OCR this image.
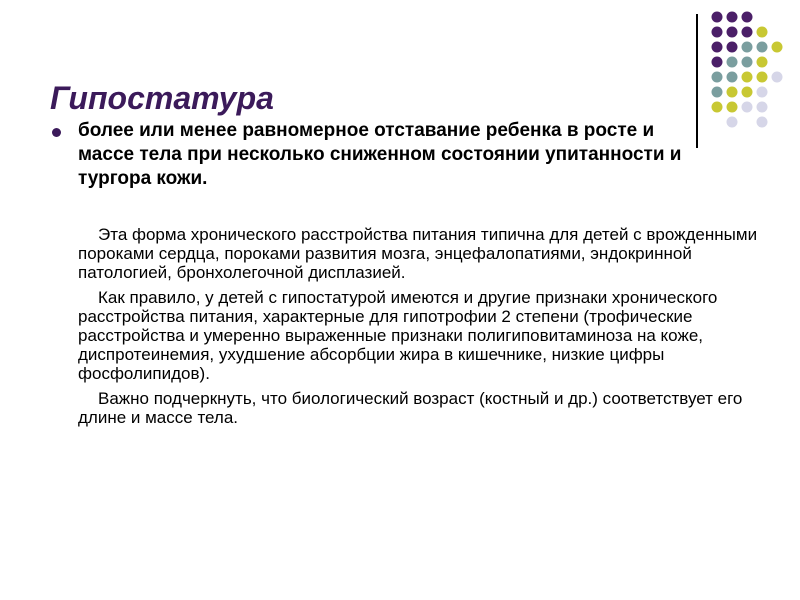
Гипостатура
более или менее равномерное отставание ребенка в росте и массе тела при несколько сниженном состоянии упитанности и тургора кожи.

Эта форма хронического расстройства питания типична для детей с врожденными пороками сердца, пороками развития мозга, энцефалопатиями, эндокринной патологией, бронхолегочной дисплазией.

Как правило, у детей с гипостатурой имеются и другие признаки хронического расстройства питания, характерные для гипотрофии 2 степени (трофические расстройства и умеренно выраженные признаки полигиповитаминоза на коже, диспротеинемия, ухудшение абсорбции жира в кишечнике, низкие цифры фосфолипидов).

Важно подчеркнуть, что биологический возраст (костный и др.) соответствует его длине и массе тела.
